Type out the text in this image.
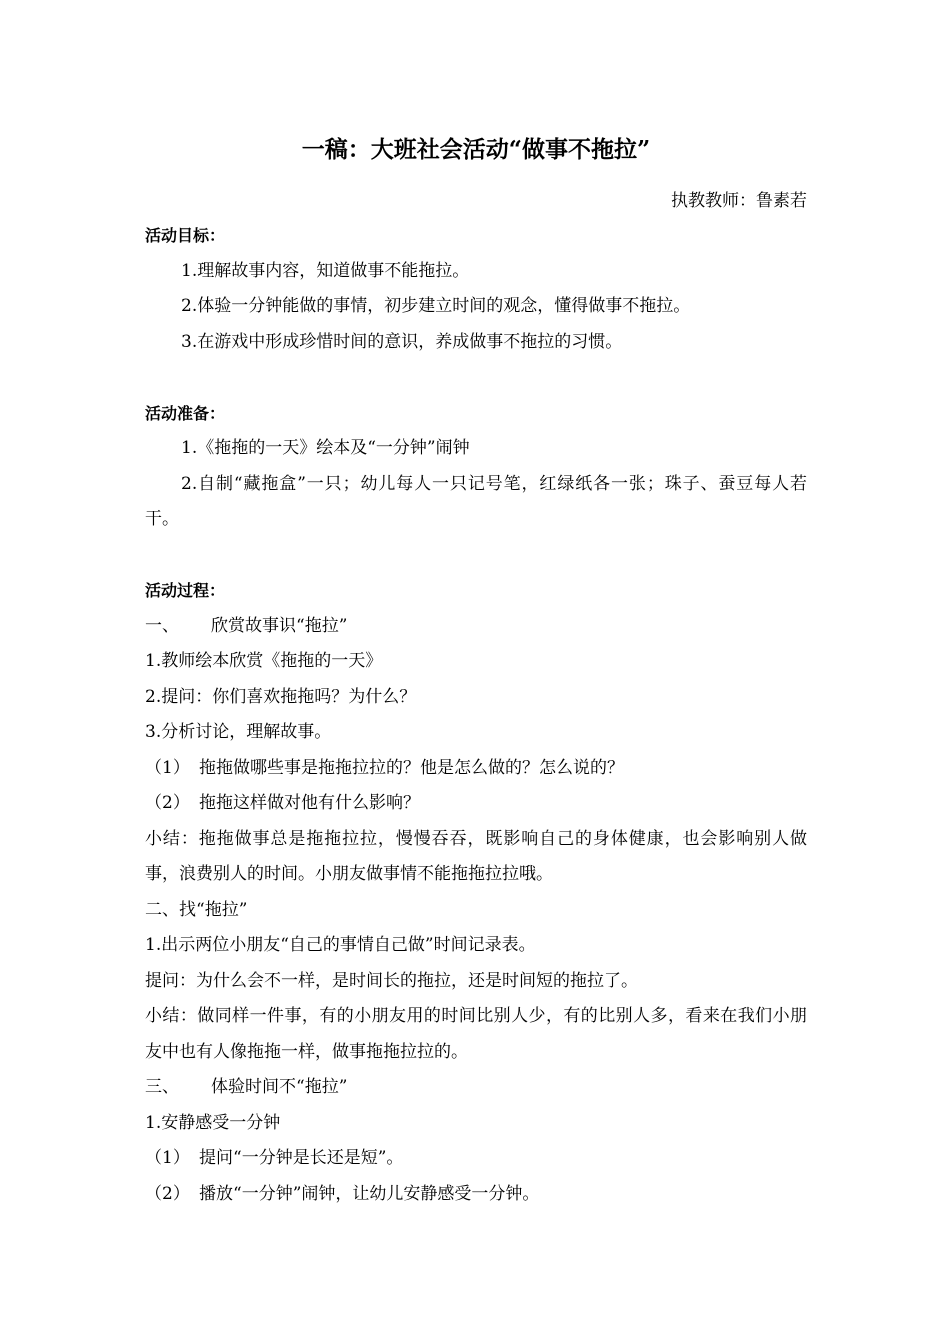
一稿：大班社会活动“做事不拖拉”
执教教师：鲁素若
活动目标：
1.理解故事内容，知道做事不能拖拉。
2.体验一分钟能做的事情，初步建立时间的观念，懂得做事不拖拉。
3.在游戏中形成珍惜时间的意识，养成做事不拖拉的习惯。
活动准备：
1.《拖拖的一天》绘本及“一分钟”闹钟
2.自制“藏拖盒”一只；幼儿每人一只记号笔，红绿纸各一张；珠子、蚕豆每人若干。
活动过程：
一、	欣赏故事识“拖拉”
1.教师绘本欣赏《拖拖的一天》
2.提问：你们喜欢拖拖吗？为什么？
3.分析讨论，理解故事。
（1） 拖拖做哪些事是拖拖拉拉的？他是怎么做的？怎么说的？
（2） 拖拖这样做对他有什么影响？
小结：拖拖做事总是拖拖拉拉，慢慢吞吞，既影响自己的身体健康，也会影响别人做事，浪费别人的时间。小朋友做事情不能拖拖拉拉哦。
二、找“拖拉”
1.出示两位小朋友“自己的事情自己做”时间记录表。
提问：为什么会不一样，是时间长的拖拉，还是时间短的拖拉了。
小结：做同样一件事，有的小朋友用的时间比别人少，有的比别人多，看来在我们小朋友中也有人像拖拖一样，做事拖拖拉拉的。
三、	体验时间不“拖拉”
1.安静感受一分钟
（1） 提问“一分钟是长还是短”。
（2） 播放“一分钟”闹钟，让幼儿安静感受一分钟。
